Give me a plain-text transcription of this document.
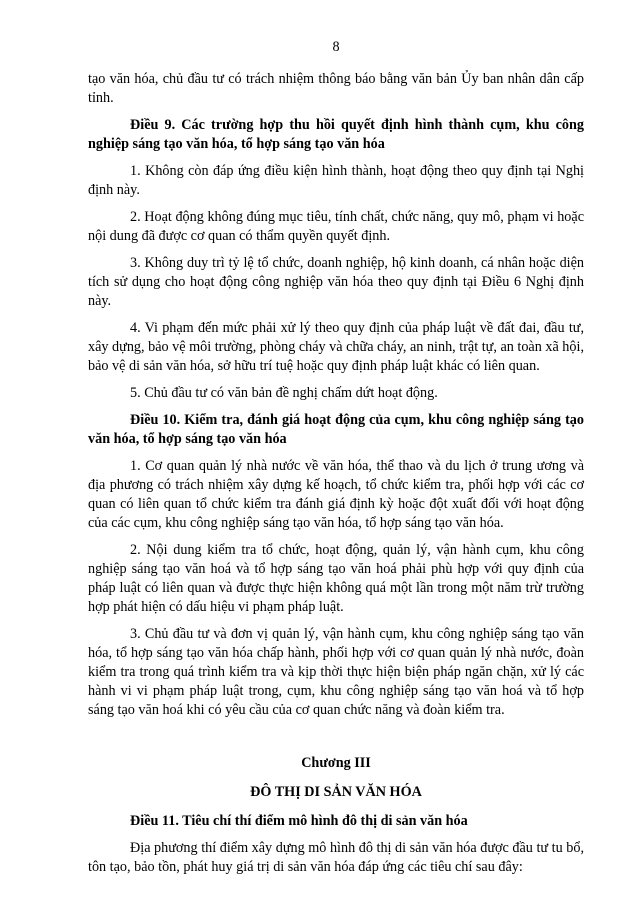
8

tạo văn hóa, chủ đầu tư có trách nhiệm thông báo bằng văn bản Ủy ban nhân dân cấp tỉnh.

Điều 9. Các trường hợp thu hồi quyết định hình thành cụm, khu công nghiệp sáng tạo văn hóa, tổ hợp sáng tạo văn hóa

1. Không còn đáp ứng điều kiện hình thành, hoạt động theo quy định tại Nghị định này.

2. Hoạt động không đúng mục tiêu, tính chất, chức năng, quy mô, phạm vi hoặc nội dung đã được cơ quan có thẩm quyền quyết định.

3. Không duy trì tỷ lệ tổ chức, doanh nghiệp, hộ kinh doanh, cá nhân hoặc diện tích sử dụng cho hoạt động công nghiệp văn hóa theo quy định tại Điều 6 Nghị định này.

4. Vi phạm đến mức phải xử lý theo quy định của pháp luật về đất đai, đầu tư, xây dựng, bảo vệ môi trường, phòng cháy và chữa cháy, an ninh, trật tự, an toàn xã hội, bảo vệ di sản văn hóa, sở hữu trí tuệ hoặc quy định pháp luật khác có liên quan.

5. Chủ đầu tư có văn bản đề nghị chấm dứt hoạt động.

Điều 10. Kiểm tra, đánh giá hoạt động của cụm, khu công nghiệp sáng tạo văn hóa, tổ hợp sáng tạo văn hóa

1. Cơ quan quản lý nhà nước về văn hóa, thể thao và du lịch ở trung ương và địa phương có trách nhiệm xây dựng kế hoạch, tổ chức kiểm tra, phối hợp với các cơ quan có liên quan tổ chức kiểm tra đánh giá định kỳ hoặc đột xuất đối với hoạt động của các cụm, khu công nghiệp sáng tạo văn hóa, tổ hợp sáng tạo văn hóa.

2. Nội dung kiểm tra tổ chức, hoạt động, quản lý, vận hành cụm, khu công nghiệp sáng tạo văn hoá và tổ hợp sáng tạo văn hoá phải phù hợp với quy định của pháp luật có liên quan và được thực hiện không quá một lần trong một năm trừ trường hợp phát hiện có dấu hiệu vi phạm pháp luật.

3. Chủ đầu tư và đơn vị quản lý, vận hành cụm, khu công nghiệp sáng tạo văn hóa, tổ hợp sáng tạo văn hóa chấp hành, phối hợp với cơ quan quản lý nhà nước, đoàn kiểm tra trong quá trình kiểm tra và kịp thời thực hiện biện pháp ngăn chặn, xử lý các hành vi vi phạm pháp luật trong, cụm, khu công nghiệp sáng tạo văn hoá và tổ hợp sáng tạo văn hoá khi có yêu cầu của cơ quan chức năng và đoàn kiểm tra.

Chương III
ĐÔ THỊ DI SẢN VĂN HÓA
Điều 11. Tiêu chí thí điểm mô hình đô thị di sản văn hóa

Địa phương thí điểm xây dựng mô hình đô thị di sản văn hóa được đầu tư tu bổ, tôn tạo, bảo tồn, phát huy giá trị di sản văn hóa đáp ứng các tiêu chí sau đây:
